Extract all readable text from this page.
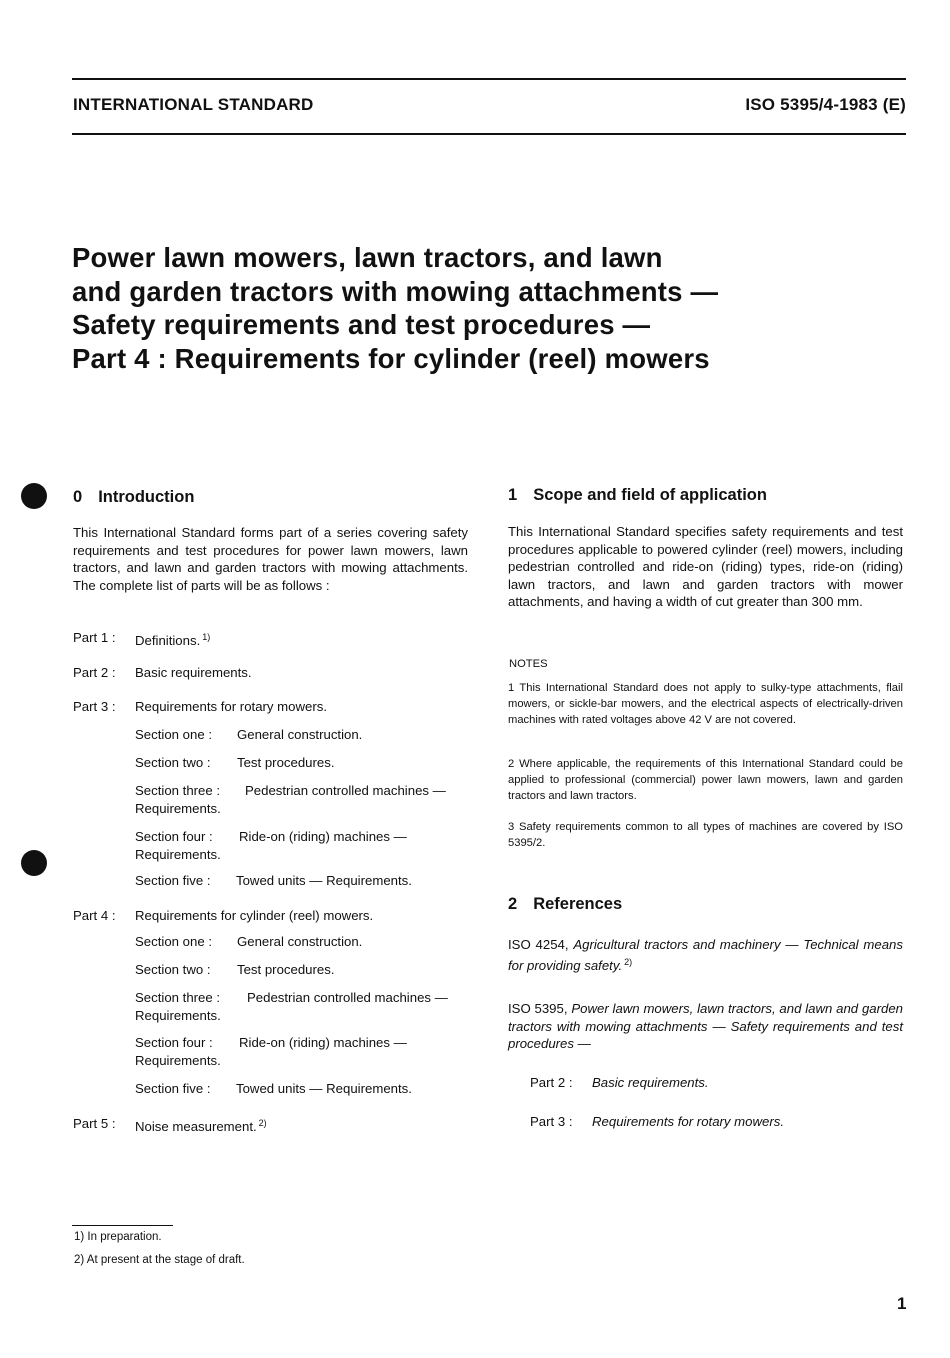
INTERNATIONAL STANDARD	ISO 5395/4-1983 (E)
Power lawn mowers, lawn tractors, and lawn
and garden tractors with mowing attachments —
Safety requirements and test procedures —
Part 4 : Requirements for cylinder (reel) mowers
0 Introduction
This International Standard forms part of a series covering safety requirements and test procedures for power lawn mowers, lawn tractors, and lawn and garden tractors with mowing attachments. The complete list of parts will be as follows :
Part 1 : Definitions. $^{1)}$
Part 2 : Basic requirements.
Part 3 : Requirements for rotary mowers.
Section one : General construction.
Section two : Test procedures.
Section three : Pedestrian controlled machines —
Requirements.
Section four : Ride-on (riding) machines —
Requirements.
Section five : Towed units — Requirements.
Part 4 : Requirements for cylinder (reel) mowers.
Section one : General construction.
Section two : Test procedures.
Section three : Pedestrian controlled machines —
Requirements.
Section four : Ride-on (riding) machines —
Requirements.
Section five : Towed units — Requirements.
Part 5 : Noise measurement. $^{2)}$
1 Scope and field of application
This International Standard specifies safety requirements and test procedures applicable to powered cylinder (reel) mowers, including pedestrian controlled and ride-on (riding) types, ride-on (riding) lawn tractors, and lawn and garden tractors with mower attachments, and having a width of cut greater than 300 mm.
NOTES
1 This International Standard does not apply to sulky-type attachments, flail mowers, or sickle-bar mowers, and the electrical aspects of electrically-driven machines with rated voltages above 42 V are not covered.
2 Where applicable, the requirements of this International Standard could be applied to professional (commercial) power lawn mowers, lawn and garden tractors and lawn tractors.
3 Safety requirements common to all types of machines are covered by ISO 5395/2.
2 References
ISO 4254, Agricultural tractors and machinery — Technical means for providing safety. $^{2)}$
ISO 5395, Power lawn mowers, lawn tractors, and lawn and garden tractors with mowing attachments — Safety requirements and test procedures —
Part 2 : Basic requirements.
Part 3 : Requirements for rotary mowers.
1) In preparation.
2) At present at the stage of draft.
1
